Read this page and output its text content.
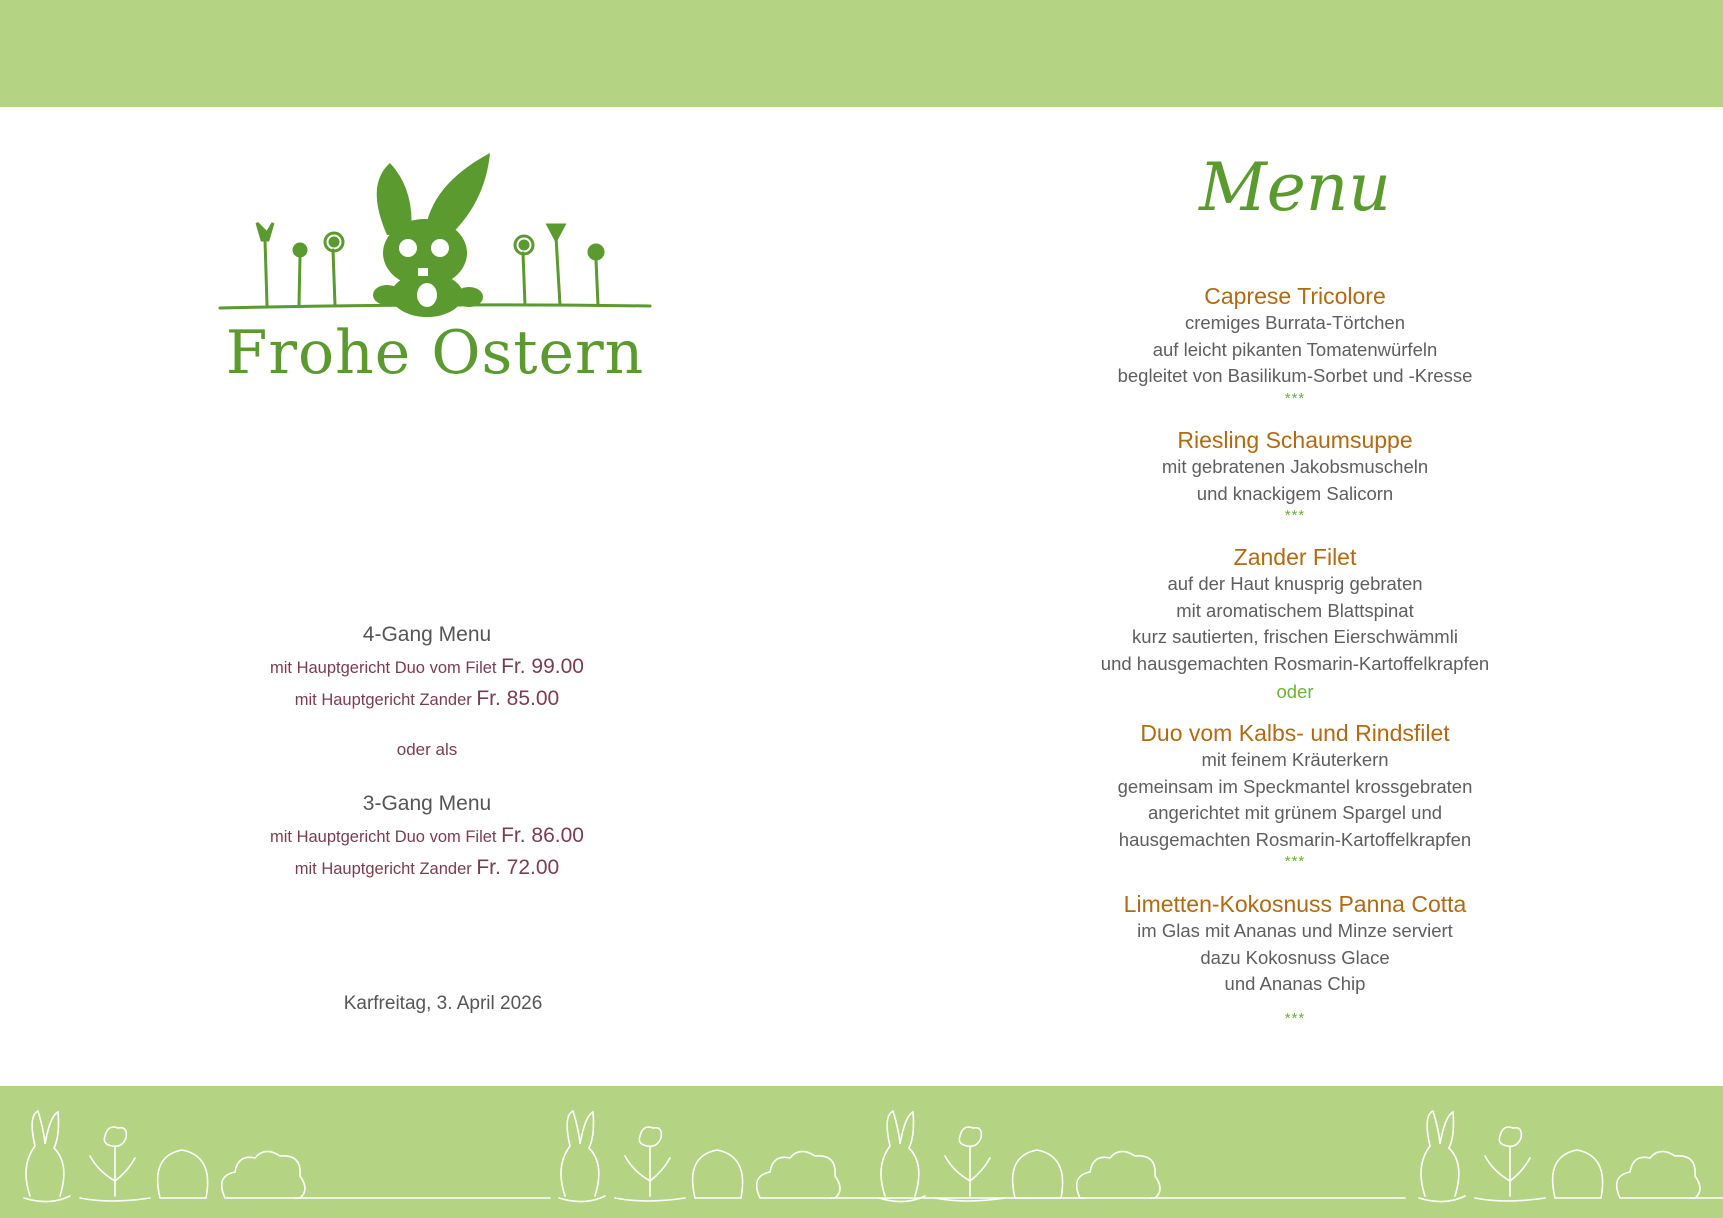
Frohe Ostern
4-Gang Menu
mit Hauptgericht Duo vom Filet Fr. 99.00
mit Hauptgericht Zander Fr. 85.00
oder als
3-Gang Menu
mit Hauptgericht Duo vom Filet Fr. 86.00
mit Hauptgericht Zander Fr. 72.00
Karfreitag, 3. April 2026
Menu
Caprese Tricolore
cremiges Burrata-Törtchen
auf leicht pikanten Tomatenwürfeln
begleitet von Basilikum-Sorbet und -Kresse
***
Riesling Schaumsuppe
mit gebratenen Jakobsmuscheln
und knackigem Salicorn
***
Zander Filet
auf der Haut knusprig gebraten
mit aromatischem Blattspinat
kurz sautierten, frischen Eierschwämmli
und hausgemachten Rosmarin-Kartoffelkrapfen
oder
Duo vom Kalbs- und Rindsfilet
mit feinem Kräuterkern
gemeinsam im Speckmantel krossgebraten
angerichtet mit grünem Spargel und
hausgemachten Rosmarin-Kartoffelkrapfen
***
Limetten-Kokosnuss Panna Cotta
im Glas mit Ananas und Minze serviert
dazu Kokosnuss Glace
und Ananas Chip
***
